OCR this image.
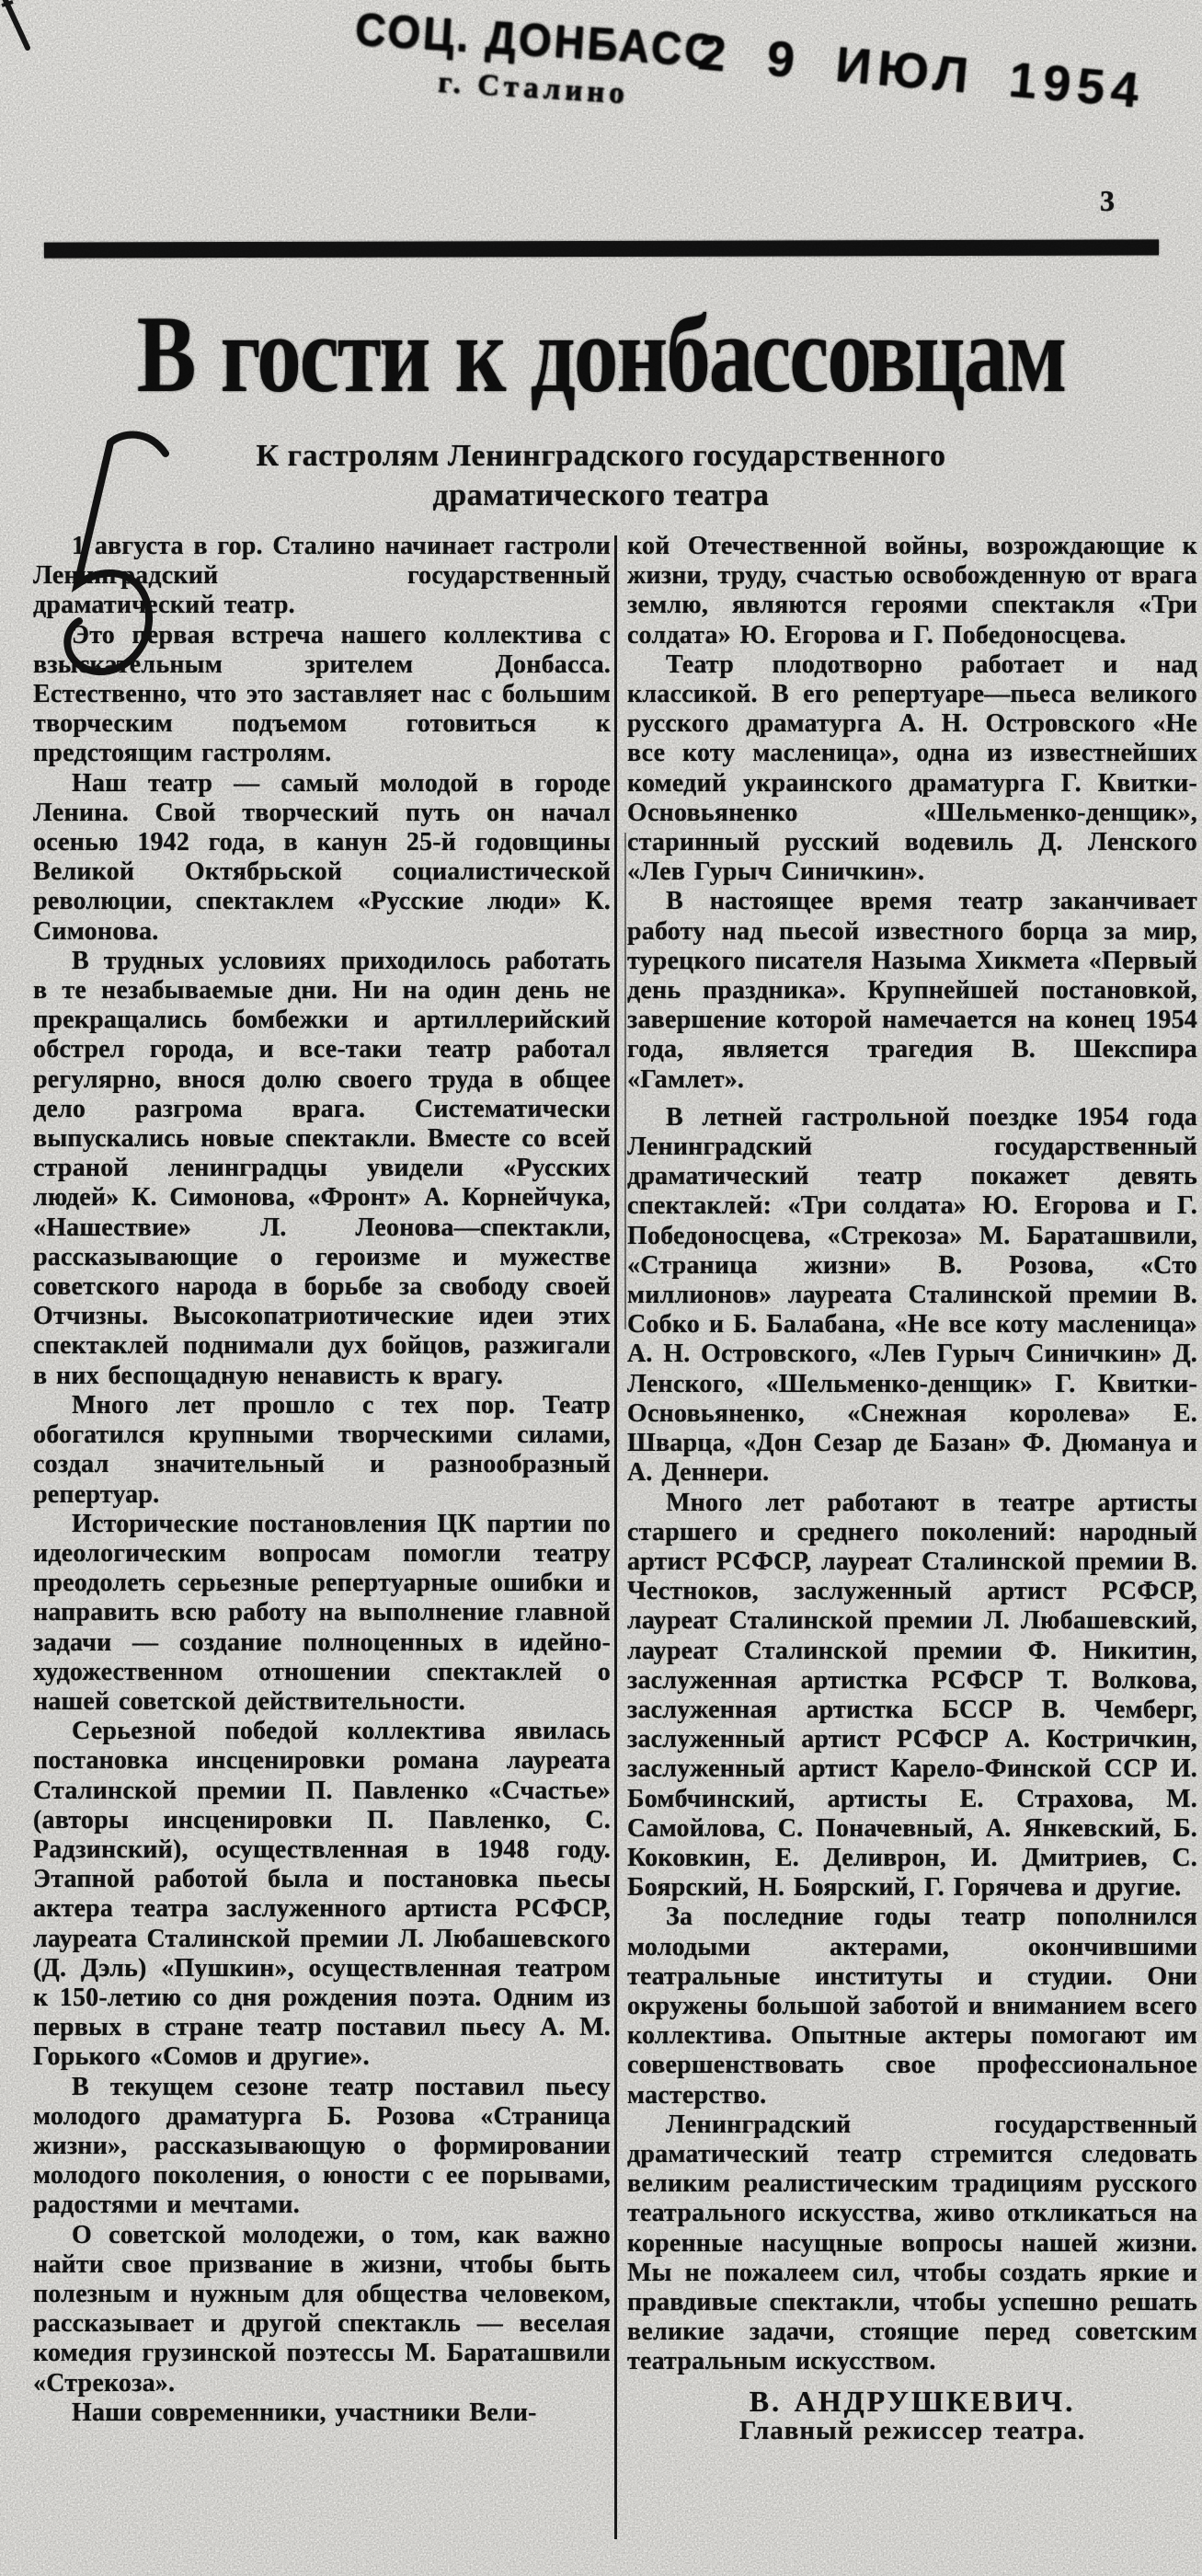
СОЦ. ДОНБАСС
г. Сталино	2 9 ИЮЛ 1954
3
В гости к донбассовцам
К гастролям Ленинградского государственного
драматического театра

1 августа в гор. Сталино начинает гастроли Ленинградский государственный драматический театр.

Это первая встреча нашего коллектива с взыскательным зрителем Донбасса. Естественно, что это заставляет нас с большим творческим подъемом готовиться к предстоящим гастролям.

Наш театр — самый молодой в городе Ленина. Свой творческий путь он начал осенью 1942 года, в канун 25-й годовщины Великой Октябрьской социалистической революции, спектаклем «Русские люди» К. Симонова.

В трудных условиях приходилось работать в те незабываемые дни. Ни на один день не прекращались бомбежки и артиллерийский обстрел города, и все-таки театр работал регулярно, внося долю своего труда в общее дело разгрома врага. Систематически выпускались новые спектакли. Вместе со всей страной ленинградцы увидели «Русских людей» К. Симонова, «Фронт» А. Корнейчука, «Нашествие» Л. Леонова—спектакли, рассказывающие о героизме и мужестве советского народа в борьбе за свободу своей Отчизны. Высокопатриотические идеи этих спектаклей поднимали дух бойцов, разжигали в них беспощадную ненависть к врагу.

Много лет прошло с тех пор. Театр обогатился крупными творческими силами, создал значительный и разнообразный репертуар.

Исторические постановления ЦК партии по идеологическим вопросам помогли театру преодолеть серьезные репертуарные ошибки и направить всю работу на выполнение главной задачи — создание полноценных в идейно-художественном отношении спектаклей о нашей советской действительности.

Серьезной победой коллектива явилась постановка инсценировки романа лауреата Сталинской премии П. Павленко «Счастье» (авторы инсценировки П. Павленко, С. Радзинский), осуществленная в 1948 году. Этапной работой была и постановка пьесы актера театра заслуженного артиста РСФСР, лауреата Сталинской премии Л. Любашевского (Д. Дэль) «Пушкин», осуществленная театром к 150-летию со дня рождения поэта. Одним из первых в стране театр поставил пьесу А. М. Горького «Сомов и другие».

В текущем сезоне театр поставил пьесу молодого драматурга Б. Розова «Страница жизни», рассказывающую о формировании молодого поколения, о юности с ее порывами, радостями и мечтами.

О советской молодежи, о том, как важно найти свое призвание в жизни, чтобы быть полезным и нужным для общества человеком, рассказывает и другой спектакль — веселая комедия грузинской поэтессы М. Бараташвили «Стрекоза».

Наши современники, участники Вели-

кой Отечественной войны, возрождающие к жизни, труду, счастью освобожденную от врага землю, являются героями спектакля «Три солдата» Ю. Егорова и Г. Победоносцева.

Театр плодотворно работает и над классикой. В его репертуаре—пьеса великого русского драматурга А. Н. Островского «Не все коту масленица», одна из известнейших комедий украинского драматурга Г. Квитки-Основьяненко «Шельменко-денщик», старинный русский водевиль Д. Ленского «Лев Гурыч Синичкин».

В настоящее время театр заканчивает работу над пьесой известного борца за мир, турецкого писателя Назыма Хикмета «Первый день праздника». Крупнейшей постановкой, завершение которой намечается на конец 1954 года, является трагедия В. Шекспира «Гамлет».

В летней гастрольной поездке 1954 года Ленинградский государственный драматический театр покажет девять спектаклей: «Три солдата» Ю. Егорова и Г. Победоносцева, «Стрекоза» М. Бараташвили, «Страница жизни» В. Розова, «Сто миллионов» лауреата Сталинской премии В. Собко и Б. Балабана, «Не все коту масленица» А. Н. Островского, «Лев Гурыч Синичкин» Д. Ленского, «Шельменко-денщик» Г. Квитки-Основьяненко, «Снежная королева» Е. Шварца, «Дон Сезар де Базан» Ф. Дюмануа и А. Деннери.

Много лет работают в театре артисты старшего и среднего поколений: народный артист РСФСР, лауреат Сталинской премии В. Честноков, заслуженный артист РСФСР, лауреат Сталинской премии Л. Любашевский, лауреат Сталинской премии Ф. Никитин, заслуженная артистка РСФСР Т. Волкова, заслуженная артистка БССР В. Чемберг, заслуженный артист РСФСР А. Костричкин, заслуженный артист Карело-Финской ССР И. Бомбчинский, артисты Е. Страхова, М. Самойлова, С. Поначевный, А. Янкевский, Б. Коковкин, Е. Деливрон, И. Дмитриев, С. Боярский, Н. Боярский, Г. Горячева и другие.

За последние годы театр пополнился молодыми актерами, окончившими театральные институты и студии. Они окружены большой заботой и вниманием всего коллектива. Опытные актеры помогают им совершенствовать свое профессиональное мастерство.

Ленинградский государственный драматический театр стремится следовать великим реалистическим традициям русского театрального искусства, живо откликаться на коренные насущные вопросы нашей жизни. Мы не пожалеем сил, чтобы создать яркие и правдивые спектакли, чтобы успешно решать великие задачи, стоящие перед советским театральным искусством.

В. АНДРУШКЕВИЧ.

Главный режиссер театра.
